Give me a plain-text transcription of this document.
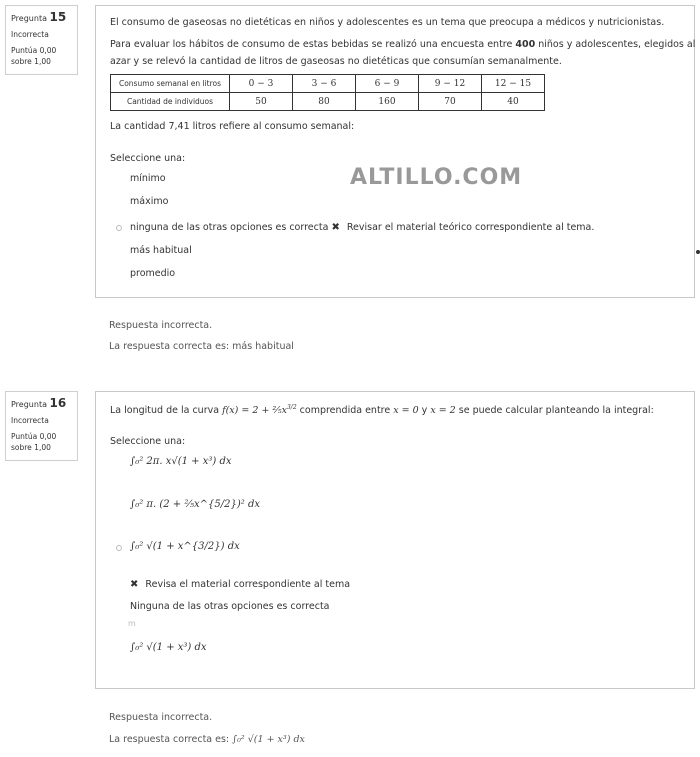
Pregunta 15
Incorrecta
Puntúa 0,00
sobre 1,00
El consumo de gaseosas no dietéticas en niños y adolescentes es un tema que preocupa a médicos y nutricionistas.
Para evaluar los hábitos de consumo de estas bebidas se realizó una encuesta entre 400 niños y adolescentes, elegidos al
azar y se relevó la cantidad de litros de gaseosas no dietéticas que consumían semanalmente.
Consumo semanal en litros	0 − 3	3 − 6	6 − 9	9 − 12	12 − 15
Cantidad de individuos	50	80	160	70	40
La cantidad 7,41 litros refiere al consumo semanal:
Seleccione una:
ALTILLO.COM
mínimo
máximo
ninguna de las otras opciones es correcta ✖ Revisar el material teórico correspondiente al tema.
más habitual
promedio
Respuesta incorrecta.
La respuesta correcta es: más habitual
Pregunta 16
Incorrecta
Puntúa 0,00
sobre 1,00
La longitud de la curva $f(x) = 2 + \frac{2}{5}x^{3/2}$ comprendida entre x = 0 y x = 2 se puede calcular planteando la integral:
Seleccione una:
∫₀² 2π. x√(1 + x³) dx
∫₀² π. (2 + ⅖x^{5/2})² dx
∫₀² √(1 + x^{3/2}) dx
✖ Revisa el material correspondiente al tema
Ninguna de las otras opciones es correcta
m
∫₀² √(1 + x³) dx
Respuesta incorrecta.
La respuesta correcta es: ∫₀² √(1 + x³) dx
